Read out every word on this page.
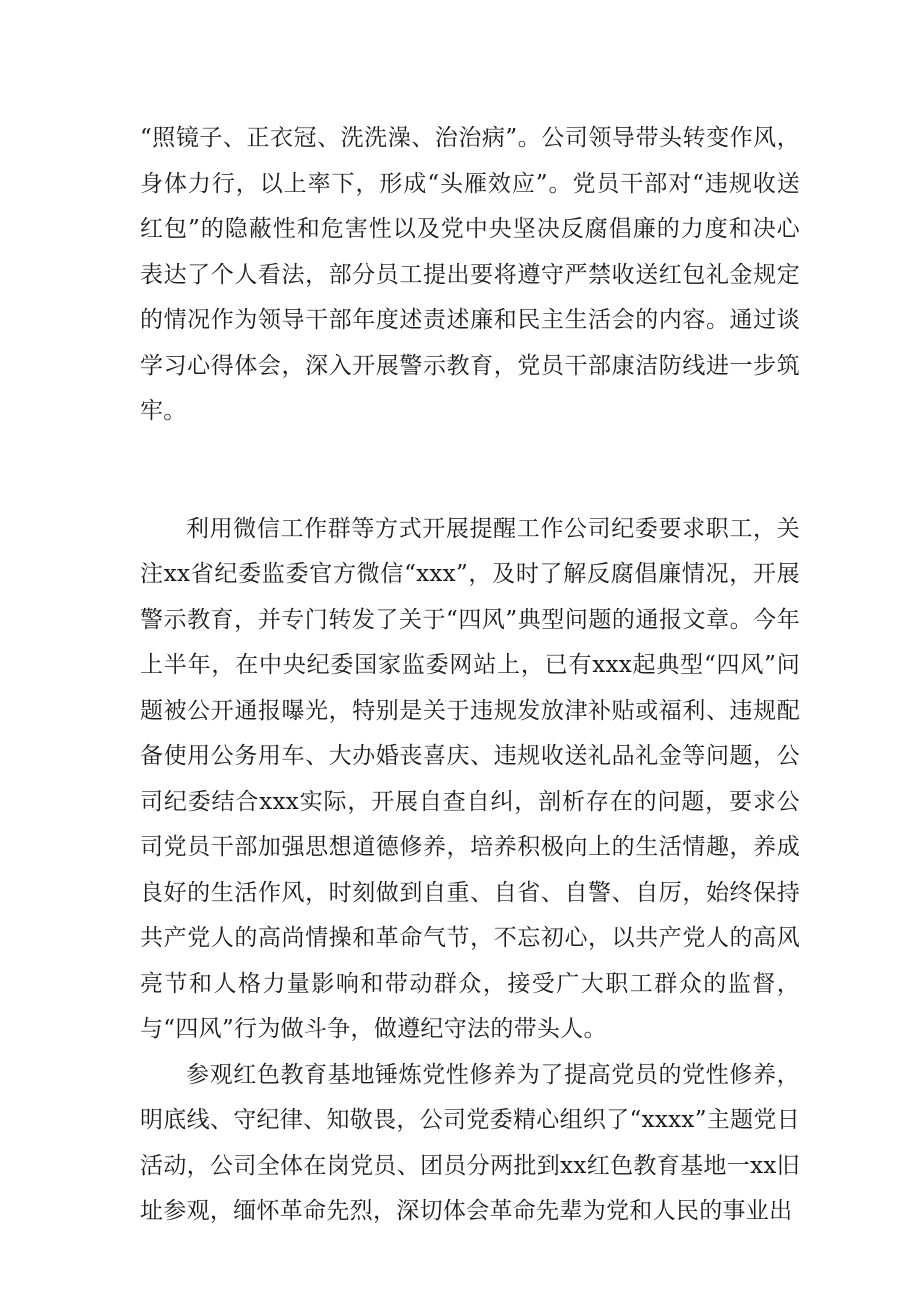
“照镜子、正衣冠、洗洗澡、治治病”。公司领导带头转变作风，身体力行，以上率下，形成“头雁效应”。党员干部对“违规收送红包”的隐蔽性和危害性以及党中央坚决反腐倡廉的力度和决心表达了个人看法，部分员工提出要将遵守严禁收送红包礼金规定的情况作为领导干部年度述责述廉和民主生活会的内容。通过谈学习心得体会，深入开展警示教育，党员干部康洁防线进一步筑牢。

利用微信工作群等方式开展提醒工作公司纪委要求职工，关注xx省纪委监委官方微信“xxx”，及时了解反腐倡廉情况，开展警示教育，并专门转发了关于“四风”典型问题的通报文章。今年上半年，在中央纪委国家监委网站上，已有xxx起典型“四风”问题被公开通报曝光，特别是关于违规发放津补贴或福利、违规配备使用公务用车、大办婚丧喜庆、违规收送礼品礼金等问题，公司纪委结合xxx实际，开展自查自纠，剖析存在的问题，要求公司党员干部加强思想道德修养，培养积极向上的生活情趣，养成良好的生活作风，时刻做到自重、自省、自警、自厉，始终保持共产党人的高尚情操和革命气节，不忘初心，以共产党人的高风亮节和人格力量影响和带动群众，接受广大职工群众的监督，与“四风”行为做斗争，做遵纪守法的带头人。

参观红色教育基地锤炼党性修养为了提高党员的党性修养，明底线、守纪律、知敬畏，公司党委精心组织了“xxxx”主题党日活动，公司全体在岗党员、团员分两批到xx红色教育基地一xx旧址参观，缅怀革命先烈，深切体会革命先辈为党和人民的事业出
